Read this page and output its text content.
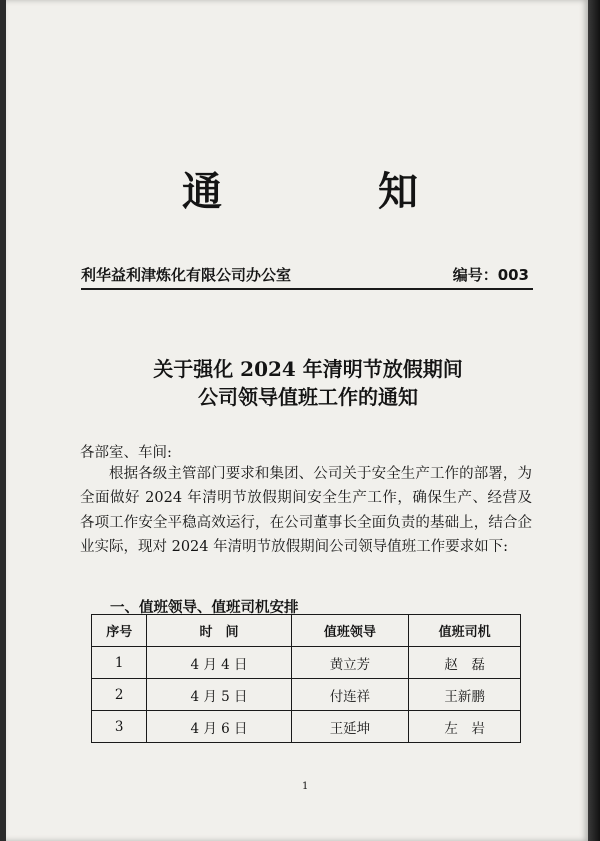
通	知
利华益利津炼化有限公司办公室	编号：003
关于强化 2024 年清明节放假期间
公司领导值班工作的通知
各部室、车间:

根据各级主管部门要求和集团、公司关于安全生产工作的部署，为全面做好 2024 年清明节放假期间安全生产工作，确保生产、经营及各项工作安全平稳高效运行，在公司董事长全面负责的基础上，结合企业实际，现对 2024 年清明节放假期间公司领导值班工作要求如下:

一、值班领导、值班司机安排
序号	时　间	值班领导	值班司机
1	4 月 4 日	黄立芳	赵　磊
2	4 月 5 日	付连祥	王新鹏
3	4 月 6 日	王延坤	左　岩
1
